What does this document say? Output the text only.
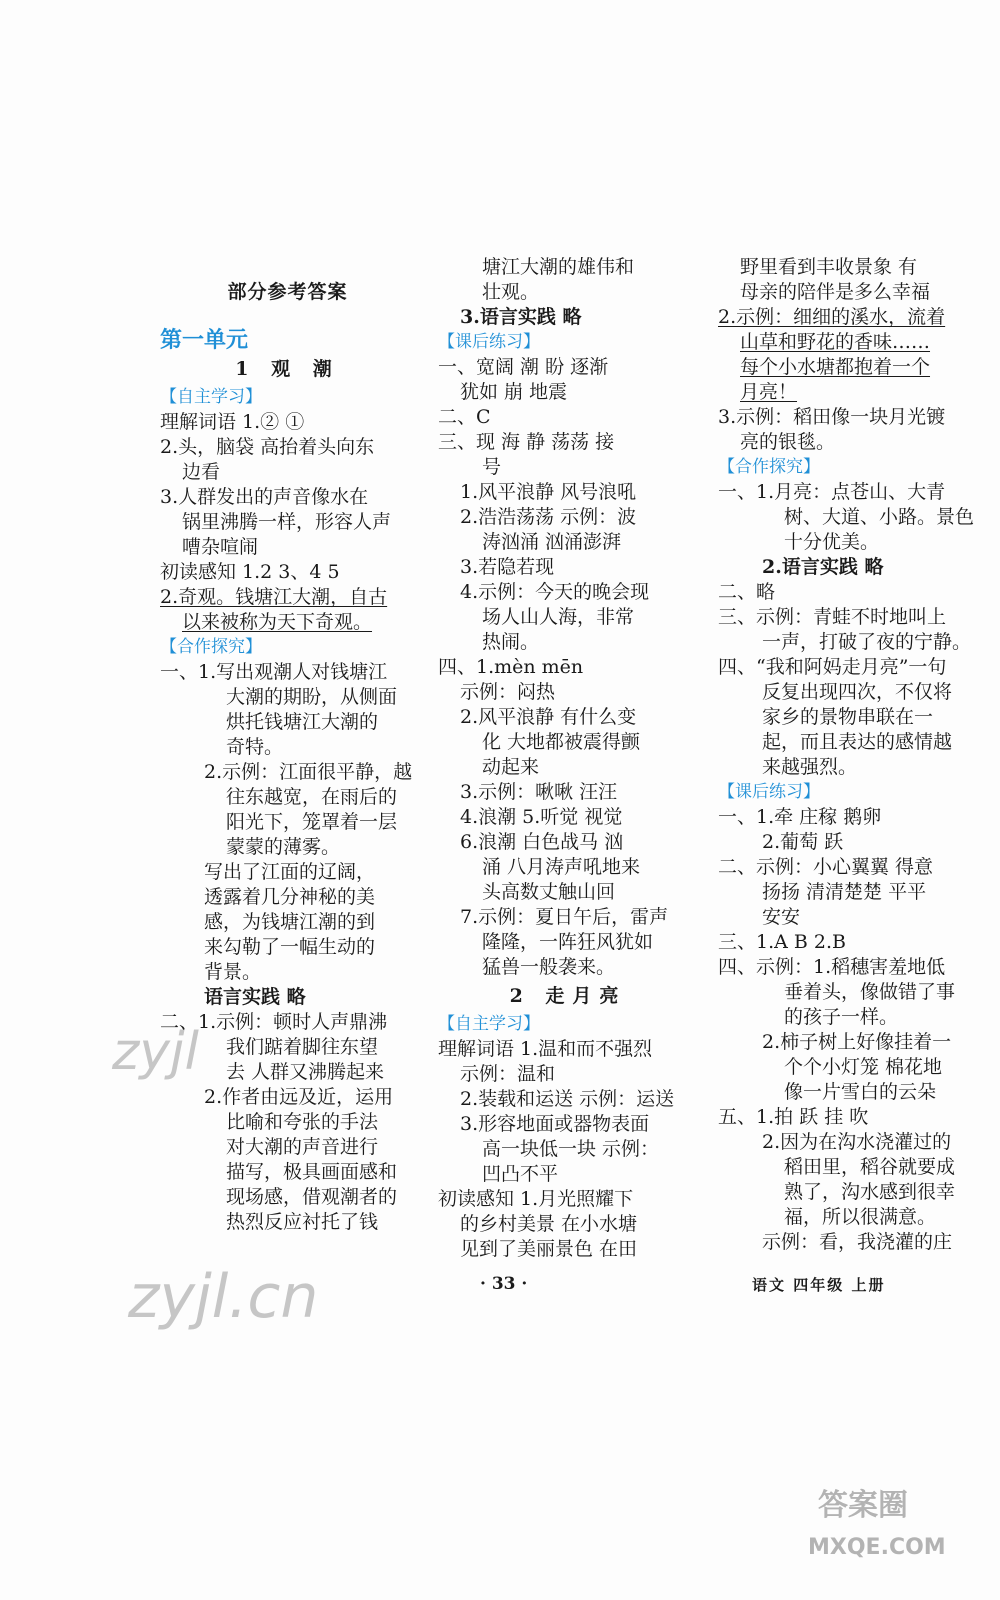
部分参考答案
第一单元
1 观 潮
【自主学习】
理解词语 1.② ①
2.头，脑袋 高抬着头向东
边看
3.人群发出的声音像水在
锅里沸腾一样，形容人声
嘈杂喧闹
初读感知 1.2 3、4 5
2.奇观。钱塘江大潮，自古
以来被称为天下奇观。
【合作探究】
一、1.写出观潮人对钱塘江
大潮的期盼，从侧面
烘托钱塘江大潮的
奇特。
2.示例：江面很平静，越
往东越宽，在雨后的
阳光下，笼罩着一层
蒙蒙的薄雾。
写出了江面的辽阔，
透露着几分神秘的美
感，为钱塘江潮的到
来勾勒了一幅生动的
背景。
语言实践 略
二、1.示例：顿时人声鼎沸
我们踮着脚往东望
去 人群又沸腾起来
2.作者由远及近，运用
比喻和夸张的手法
对大潮的声音进行
描写，极具画面感和
现场感，借观潮者的
热烈反应衬托了钱
塘江大潮的雄伟和
壮观。
3.语言实践 略
【课后练习】
一、宽阔 潮 盼 逐渐
犹如 崩 地震
二、C
三、现 海 静 荡荡 接
号
1.风平浪静 风号浪吼
2.浩浩荡荡 示例：波
涛汹涌 汹涌澎湃
3.若隐若现
4.示例：今天的晚会现
场人山人海，非常
热闹。
四、1.mèn mēn
示例：闷热
2.风平浪静 有什么变
化 大地都被震得颤
动起来
3.示例：啾啾 汪汪
4.浪潮 5.听觉 视觉
6.浪潮 白色战马 汹
涌 八月涛声吼地来
头高数丈触山回
7.示例：夏日午后，雷声
隆隆，一阵狂风犹如
猛兽一般袭来。
2 走月亮
【自主学习】
理解词语 1.温和而不强烈
示例：温和
2.装载和运送 示例：运送
3.形容地面或器物表面
高一块低一块 示例：
凹凸不平
初读感知 1.月光照耀下
的乡村美景 在小水塘
见到了美丽景色 在田
野里看到丰收景象 有
母亲的陪伴是多么幸福
2.示例：细细的溪水，流着
山草和野花的香味……
每个小水塘都抱着一个
月亮！
3.示例：稻田像一块月光镀
亮的银毯。
【合作探究】
一、1.月亮：点苍山、大青
树、大道、小路。景色
十分优美。
2.语言实践 略
二、略
三、示例：青蛙不时地叫上
一声，打破了夜的宁静。
四、“我和阿妈走月亮”一句
反复出现四次，不仅将
家乡的景物串联在一
起，而且表达的感情越
来越强烈。
【课后练习】
一、1.牵 庄稼 鹅卵
2.葡萄 跃
二、示例：小心翼翼 得意
扬扬 清清楚楚 平平
安安
三、1.A B 2.B
四、示例：1.稻穗害羞地低
垂着头，像做错了事
的孩子一样。
2.柿子树上好像挂着一
个个小灯笼 棉花地
像一片雪白的云朵
五、1.拍 跃 挂 吹
2.因为在沟水浇灌过的
稻田里，稻谷就要成
熟了，沟水感到很幸
福，所以很满意。
示例：看，我浇灌的庄
· 33 ·	语文 四年级 上册
zyjl
zyjl.cn
答案圈
MXQE.COM
